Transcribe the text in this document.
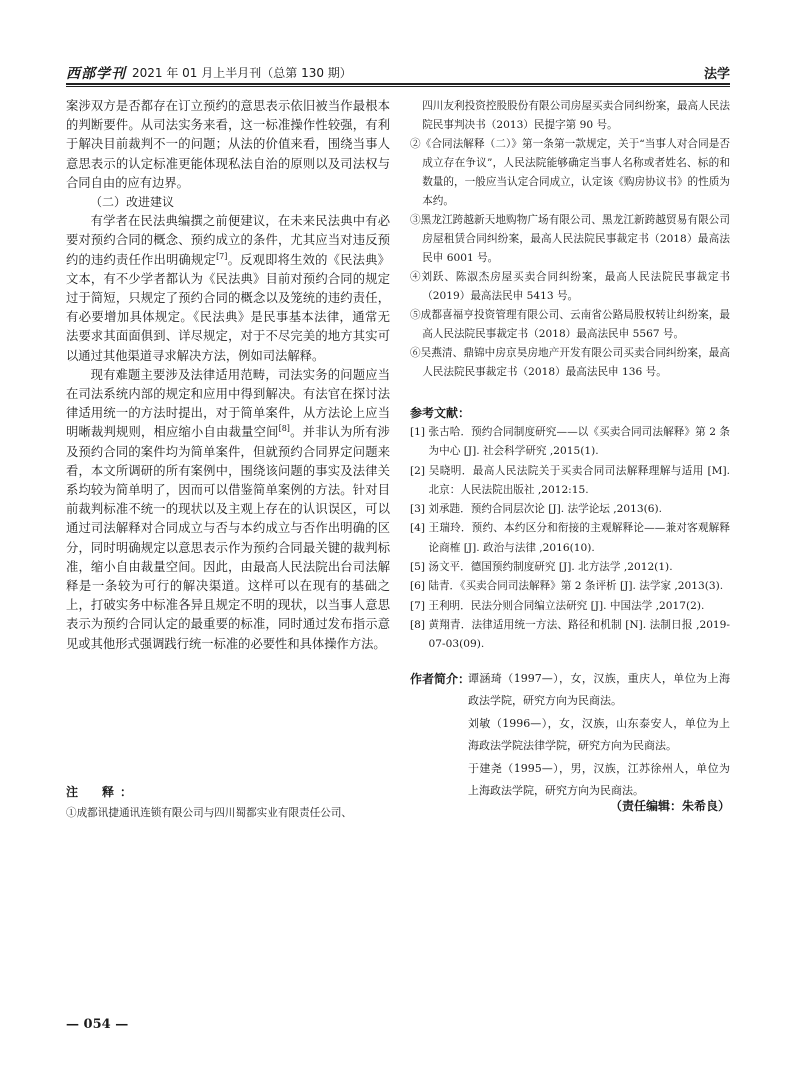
西部学刊 2021 年 01 月上半月刊（总第 130 期）	法学

案涉双方是否都存在订立预约的意思表示依旧被当作最根本的判断要件。从司法实务来看，这一标准操作性较强，有利于解决目前裁判不一的问题；从法的价值来看，围绕当事人意思表示的认定标准更能体现私法自治的原则以及司法权与合同自由的应有边界。

（二）改进建议

有学者在民法典编撰之前便建议，在未来民法典中有必要对预约合同的概念、预约成立的条件，尤其应当对违反预约的违约责任作出明确规定[7]。反观即将生效的《民法典》文本，有不少学者都认为《民法典》目前对预约合同的规定过于简短，只规定了预约合同的概念以及笼统的违约责任，有必要增加具体规定。《民法典》是民事基本法律，通常无法要求其面面俱到、详尽规定，对于不尽完美的地方其实可以通过其他渠道寻求解决方法，例如司法解释。

现有难题主要涉及法律适用范畴，司法实务的问题应当在司法系统内部的规定和应用中得到解决。有法官在探讨法律适用统一的方法时提出，对于简单案件，从方法论上应当明晰裁判规则，相应缩小自由裁量空间[8]。并非认为所有涉及预约合同的案件均为简单案件，但就预约合同界定问题来看，本文所调研的所有案例中，围绕该问题的事实及法律关系均较为简单明了，因而可以借鉴简单案例的方法。针对目前裁判标准不统一的现状以及主观上存在的认识误区，可以通过司法解释对合同成立与否与本约成立与否作出明确的区分，同时明确规定以意思表示作为预约合同最关键的裁判标准，缩小自由裁量空间。因此，由最高人民法院出台司法解释是一条较为可行的解决渠道。这样可以在现有的基础之上，打破实务中标准各异且规定不明的现状，以当事人意思表示为预约合同认定的最重要的标准，同时通过发布指示意见或其他形式强调践行统一标准的必要性和具体操作方法。

注　释：

①成都讯捷通讯连锁有限公司与四川蜀都实业有限责任公司、

四川友利投资控股股份有限公司房屋买卖合同纠纷案，最高人民法院民事判决书（2013）民提字第 90 号。

②《合同法解释（二）》第一条第一款规定，关于“当事人对合同是否成立存在争议”，人民法院能够确定当事人名称或者姓名、标的和数量的，一般应当认定合同成立，认定该《购房协议书》的性质为本约。

③黑龙江跨越新天地购物广场有限公司、黑龙江新跨越贸易有限公司房屋租赁合同纠纷案，最高人民法院民事裁定书（2018）最高法民申 6001 号。

④刘跃、陈淑杰房屋买卖合同纠纷案，最高人民法院民事裁定书（2019）最高法民申 5413 号。

⑤成都喜福亨投资管理有限公司、云南省公路局股权转让纠纷案，最高人民法院民事裁定书（2018）最高法民申 5567 号。

⑥吴燕清、鼎锦中房京昊房地产开发有限公司买卖合同纠纷案，最高人民法院民事裁定书（2018）最高法民申 136 号。

参考文献：

[1] 张古哈．预约合同制度研究——以《买卖合同司法解释》第 2 条为中心 [J]. 社会科学研究 ,2015(1).

[2] 吴晓明．最高人民法院关于买卖合同司法解释理解与适用 [M]. 北京：人民法院出版社 ,2012:15.

[3] 刘承韪．预约合同层次论 [J]. 法学论坛 ,2013(6).

[4] 王瑞玲．预约、本约区分和衔接的主观解释论——兼对客观解释论商榷 [J]. 政治与法律 ,2016(10).

[5] 汤文平．德国预约制度研究 [J]. 北方法学 ,2012(1).

[6] 陆青．《买卖合同司法解释》第 2 条评析 [J]. 法学家 ,2013(3).

[7] 王利明．民法分则合同编立法研究 [J]. 中国法学 ,2017(2).

[8] 黄翔青．法律适用统一方法、路径和机制 [N]. 法制日报 ,2019-07-03(09).

作者简介：

谭涵琦（1997—），女，汉族，重庆人，单位为上海政法学院，研究方向为民商法。

刘敏（1996—），女，汉族，山东泰安人，单位为上海政法学院法律学院，研究方向为民商法。

于建尧（1995—），男，汉族，江苏徐州人，单位为上海政法学院，研究方向为民商法。

（责任编辑：朱希良）
— 054 —
